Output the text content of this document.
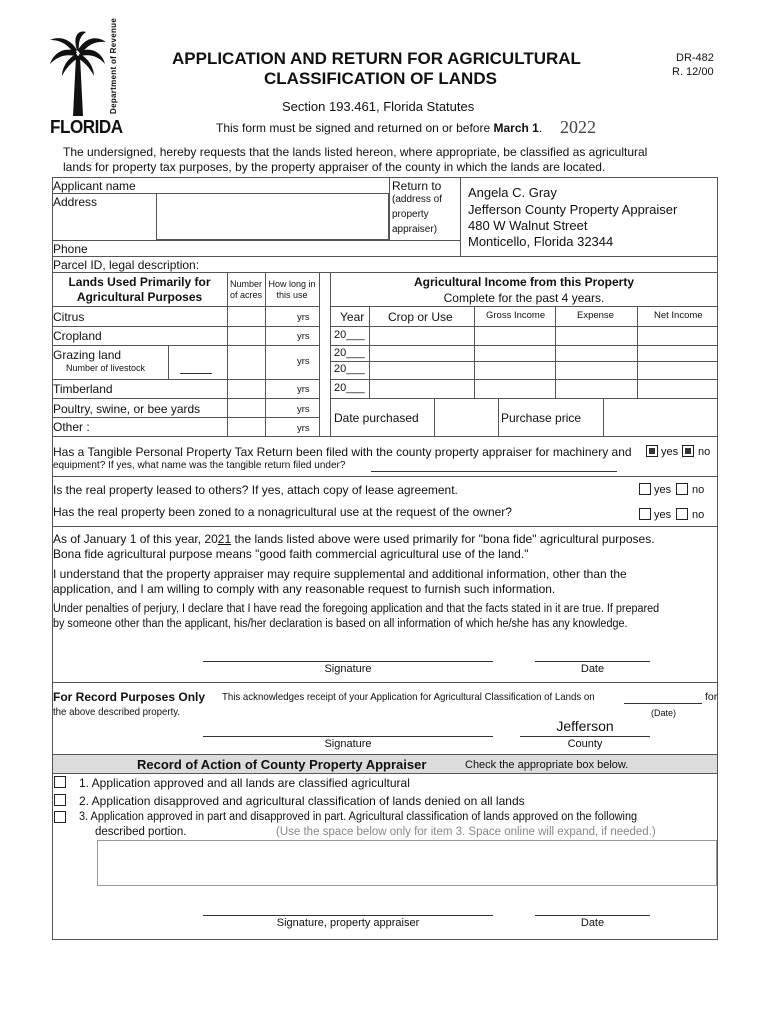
Department of Revenue
FLORIDA
APPLICATION AND RETURN FOR AGRICULTURAL
CLASSIFICATION OF LANDS
DR-482
R. 12/00
Section 193.461, Florida Statutes
This form must be signed and returned on or before March 1. 2022
The undersigned, hereby requests that the lands listed hereon, where appropriate, be classified as agricultural
lands for property tax purposes, by the property appraiser of the county in which the lands are located.
Applicant name
Address
Return to
(address of
property
appraiser)
Angela C. Gray
Jefferson County Property Appraiser
480 W Walnut Street
Monticello, Florida 32344
Phone
Parcel ID, legal description:
Lands Used Primarily for
Agricultural Purposes
Number
of acres
How long in
this use
Citrus	yrs
Cropland	yrs
Grazing land
Number of livestock
yrs
Timberland	yrs
Poultry, swine, or bee yards	yrs
Other :	yrs
Agricultural Income from this Property
Complete for the past 4 years.
Year Crop or Use	Gross Income	Expense	Net Income
20___
20___
20___
20___
Date purchased	Purchase price
Has a Tangible Personal Property Tax Return been filed with the county property appraiser for machinery and
equipment? If yes, what name was the tangible return filed under?
yes no
Is the real property leased to others? If yes, attach copy of lease agreement.	yes no
Has the real property been zoned to a nonagricultural use at the request of the owner?	yes no
As of January 1 of this year, 2021 the lands listed above were used primarily for "bona fide" agricultural purposes.
Bona fide agricultural purpose means "good faith commercial agricultural use of the land."
I understand that the property appraiser may require supplemental and additional information, other than the
application, and I am willing to comply with any reasonable request to furnish such information.
Under penalties of perjury, I declare that I have read the foregoing application and that the facts stated in it are true. If prepared
by someone other than the applicant, his/her declaration is based on all information of which he/she has any knowledge.
Signature	Date
For Record Purposes Only This acknowledges receipt of your Application for Agricultural Classification of Lands on	for
the above described property.	(Date)
Jefferson
Signature	County
Record of Action of County Property Appraiser	Check the appropriate box below.
1. Application approved and all lands are classified agricultural
2. Application disapproved and agricultural classification of lands denied on all lands
3. Application approved in part and disapproved in part. Agricultural classification of lands approved on the following
described portion.	(Use the space below only for item 3. Space online will expand, if needed.)
Signature, property appraiser	Date
